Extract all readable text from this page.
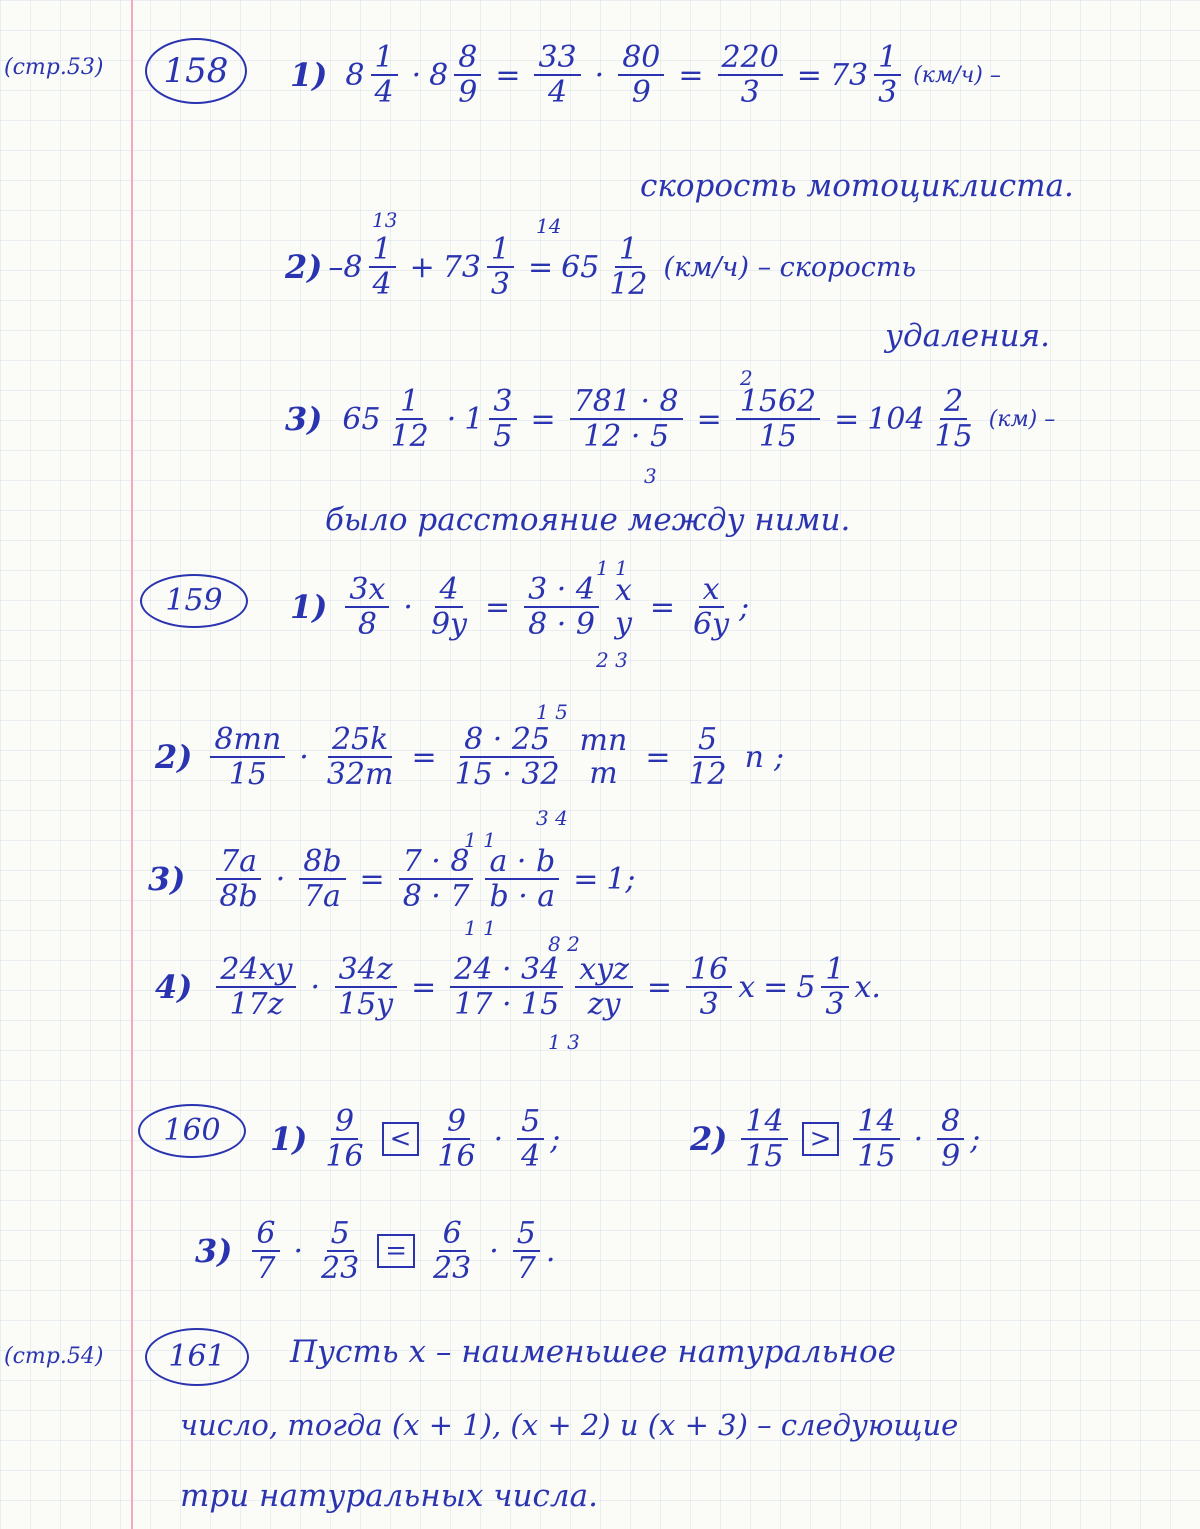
(стр.53)	158	1) $8 \frac{1}{4} \cdot 8 \frac{8}{9} = \frac{33}{4} \cdot \frac{80}{9} = \frac{220}{3} = 73 \frac{1}{3} (км/ч)$ –
скорость мотоциклиста.
13	14
2) $-8 \frac{1}{4} + 73 \frac{1}{3} = 65 \frac{1}{12} (км/ч)$ – скорость
удаления.
2
3
3) $65 \frac{1}{12} \cdot 1 \frac{3}{5} = \frac{781 \cdot 8}{12 \cdot 5} = \frac{1562}{15} = 104 \frac{2}{15} (км)$ –
было расстояние между ними.
159
1 1
2 3
$1) \frac{3x}{8} \cdot \frac{4}{9y} = \frac{3 \cdot 4}{8 \cdot 9}$ x
$y = \frac{x}{6y}$ ;
1 5
3 4
$2) \frac{8mn}{15} \cdot \frac{25k}{32m} = \frac{8 \cdot 25}{15 \cdot 32}$ mn
$m = \frac{5}{12}$ n ;
1 1
1 1
$3) \frac{7a}{8b} \cdot \frac{8b}{7a} = \frac{7 \cdot 8}{8 \cdot 7} \frac{a \cdot b}{b \cdot a} = 1$ ;
8 2
1 3
$4) \frac{24xy}{17z} \cdot \frac{34z}{15y} = \frac{24 \cdot 34}{17 \cdot 15} \frac{\text{xyz}}{zy} = \frac{16}{3}$ $x = 5 \frac{1}{3} x$.
160	$1) \frac{9}{16} < \frac{9}{16} \cdot \frac{5}{4}$ ;	$2) \frac{14}{15} > \frac{14}{15} \cdot \frac{8}{9}$ ;
$3) \frac{6}{7} \cdot \frac{5}{23} = \frac{6}{23} \cdot \frac{5}{7}$ .
(стр.54)	161	Пусть x – наименьшее натуральное
число, тогда (x + 1), (x + 2) и (x + 3) – следующие
три натуральных числа.
